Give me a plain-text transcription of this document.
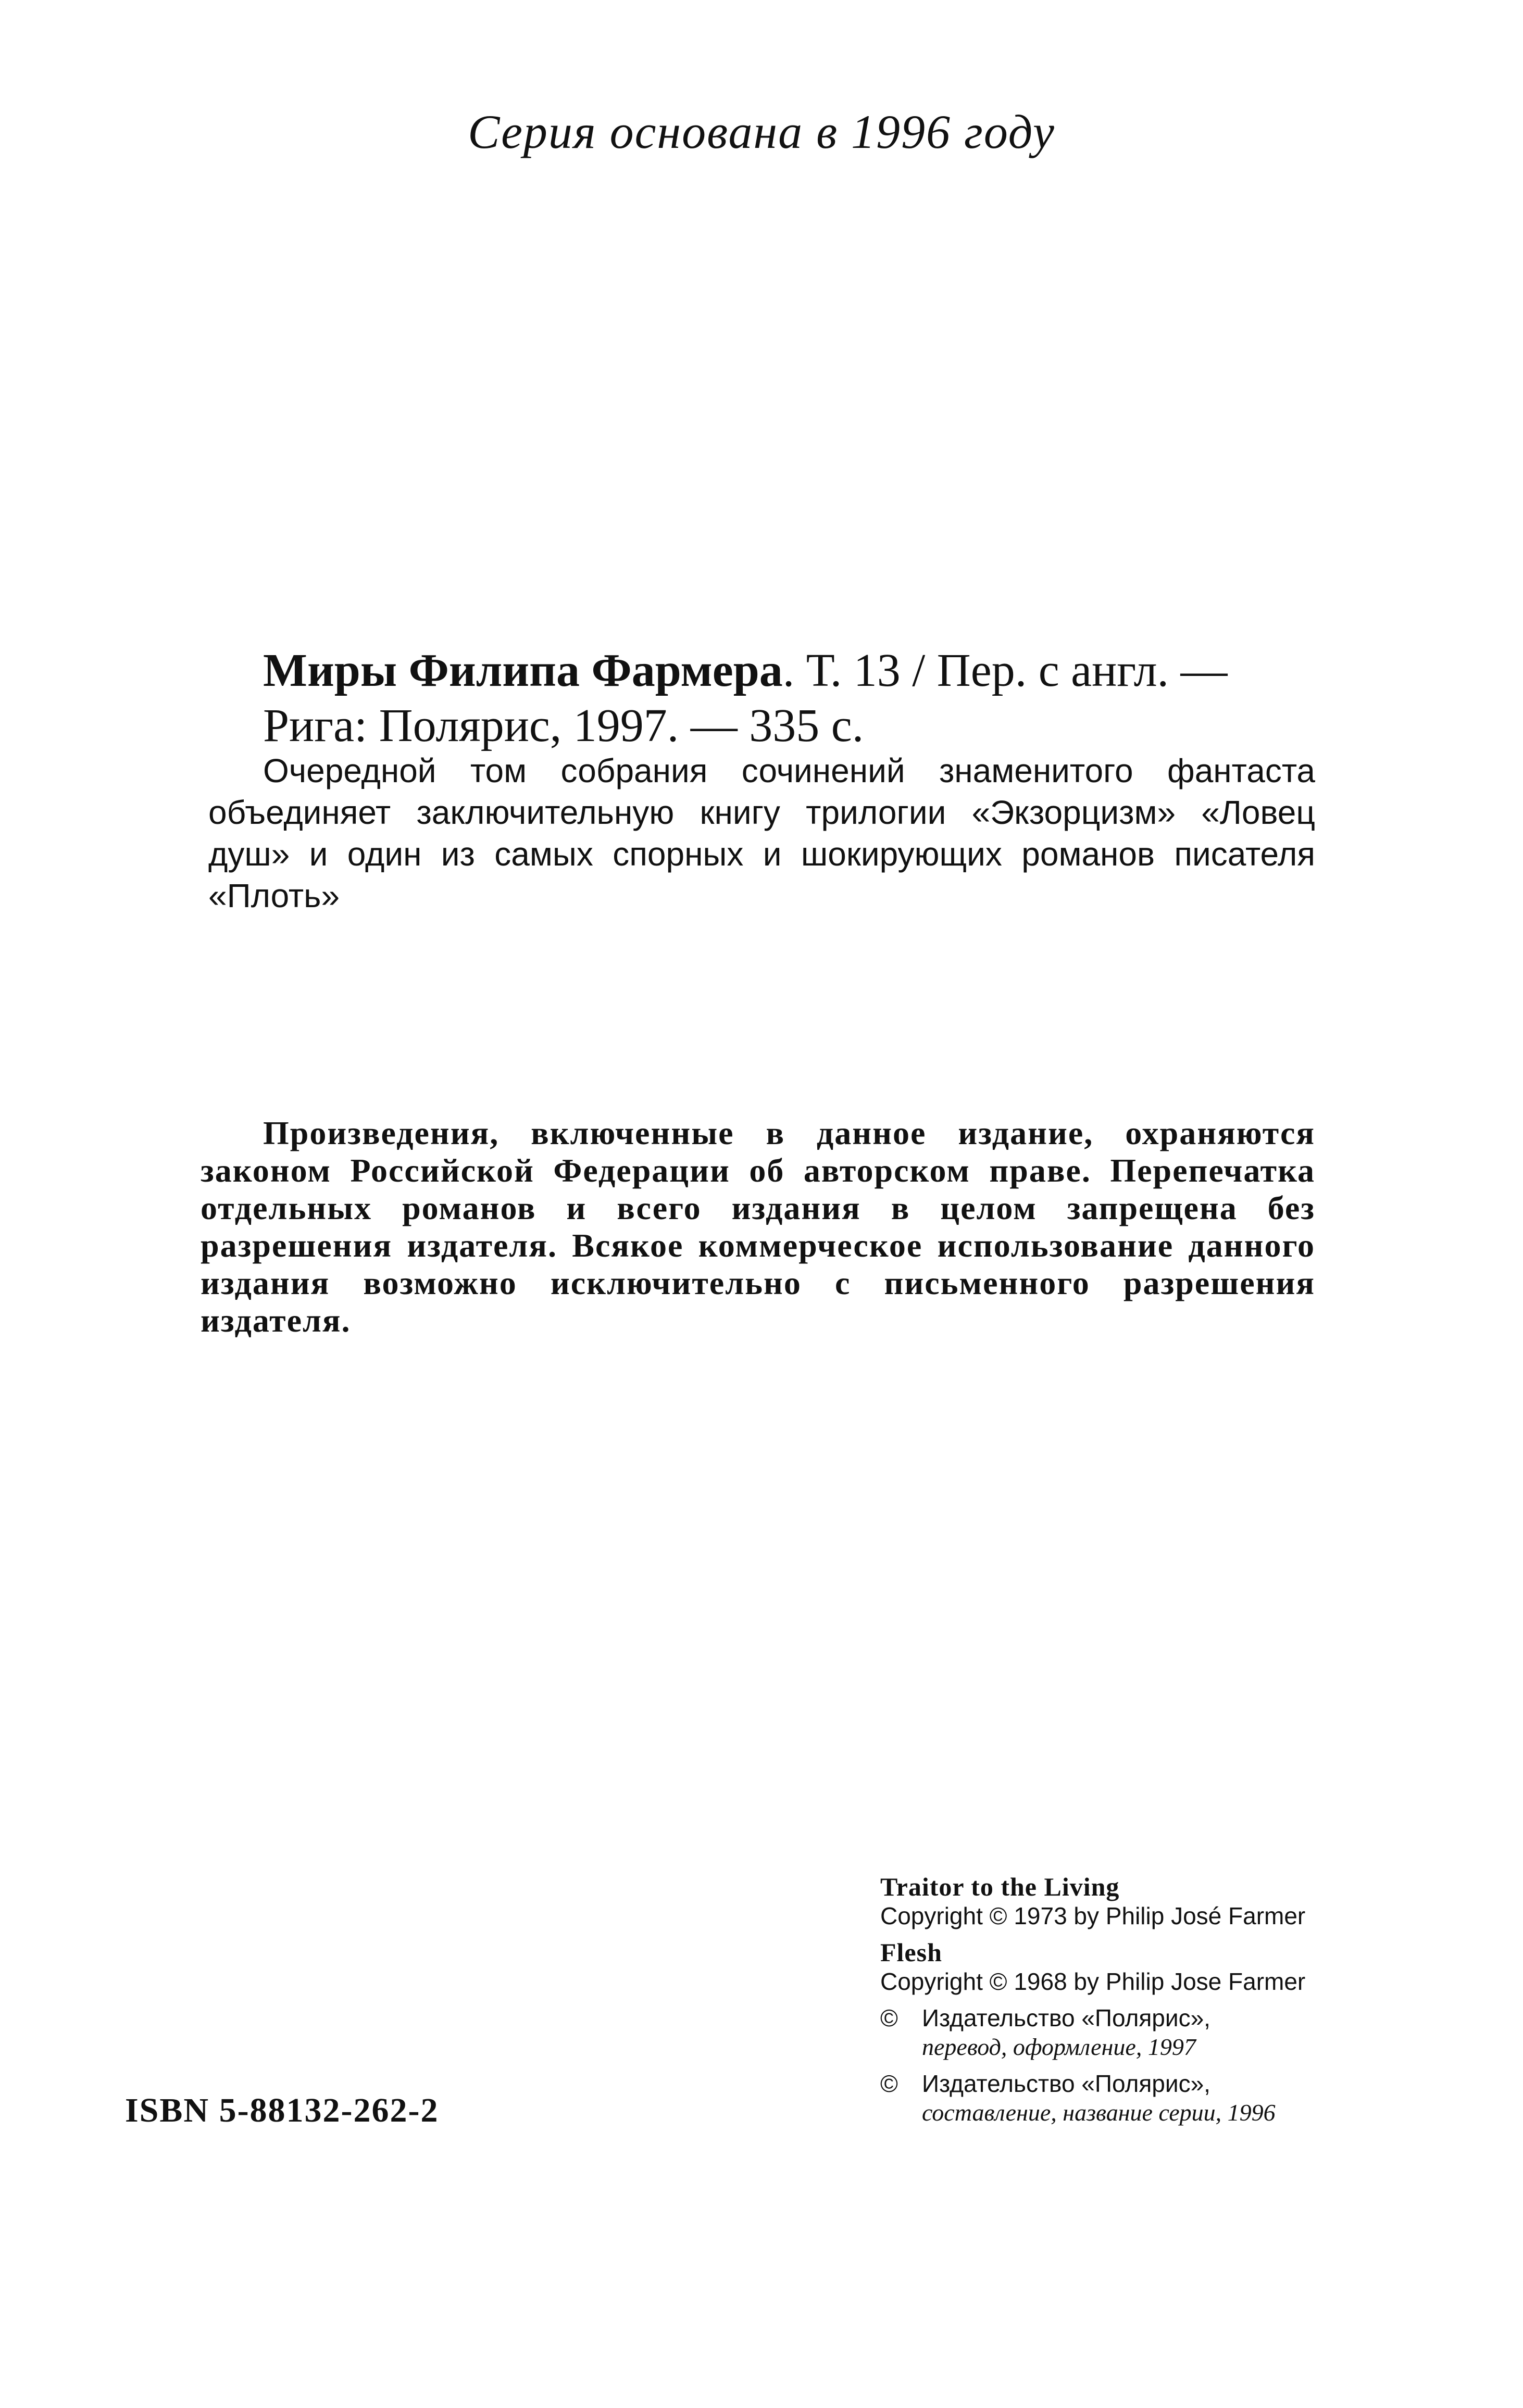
Серия основана в 1996 году
Миры Филипа Фармера. Т. 13 / Пер. с англ. —
Рига: Полярис, 1997. — 335 с.
Очередной том собрания сочинений знаменитого фантаста объединяет заключительную книгу трилогии «Экзорцизм» «Ловец душ» и один из самых спорных и шокирующих романов писателя «Плоть»
Произведения, включенные в данное издание, охраняются законом Российской Федерации об авторском праве. Перепечатка отдельных романов и всего издания в целом запрещена без разрешения издателя. Всякое коммерческое использование данного издания возможно исключительно с письменного разрешения издателя.
Traitor to the Living
Copyright © 1973 by Philip José Farmer
Flesh
Copyright © 1968 by Philip Jose Farmer
© Издательство «Полярис»,
перевод, оформление, 1997
© Издательство «Полярис»,
составление, название серии, 1996
ISBN 5-88132-262-2
